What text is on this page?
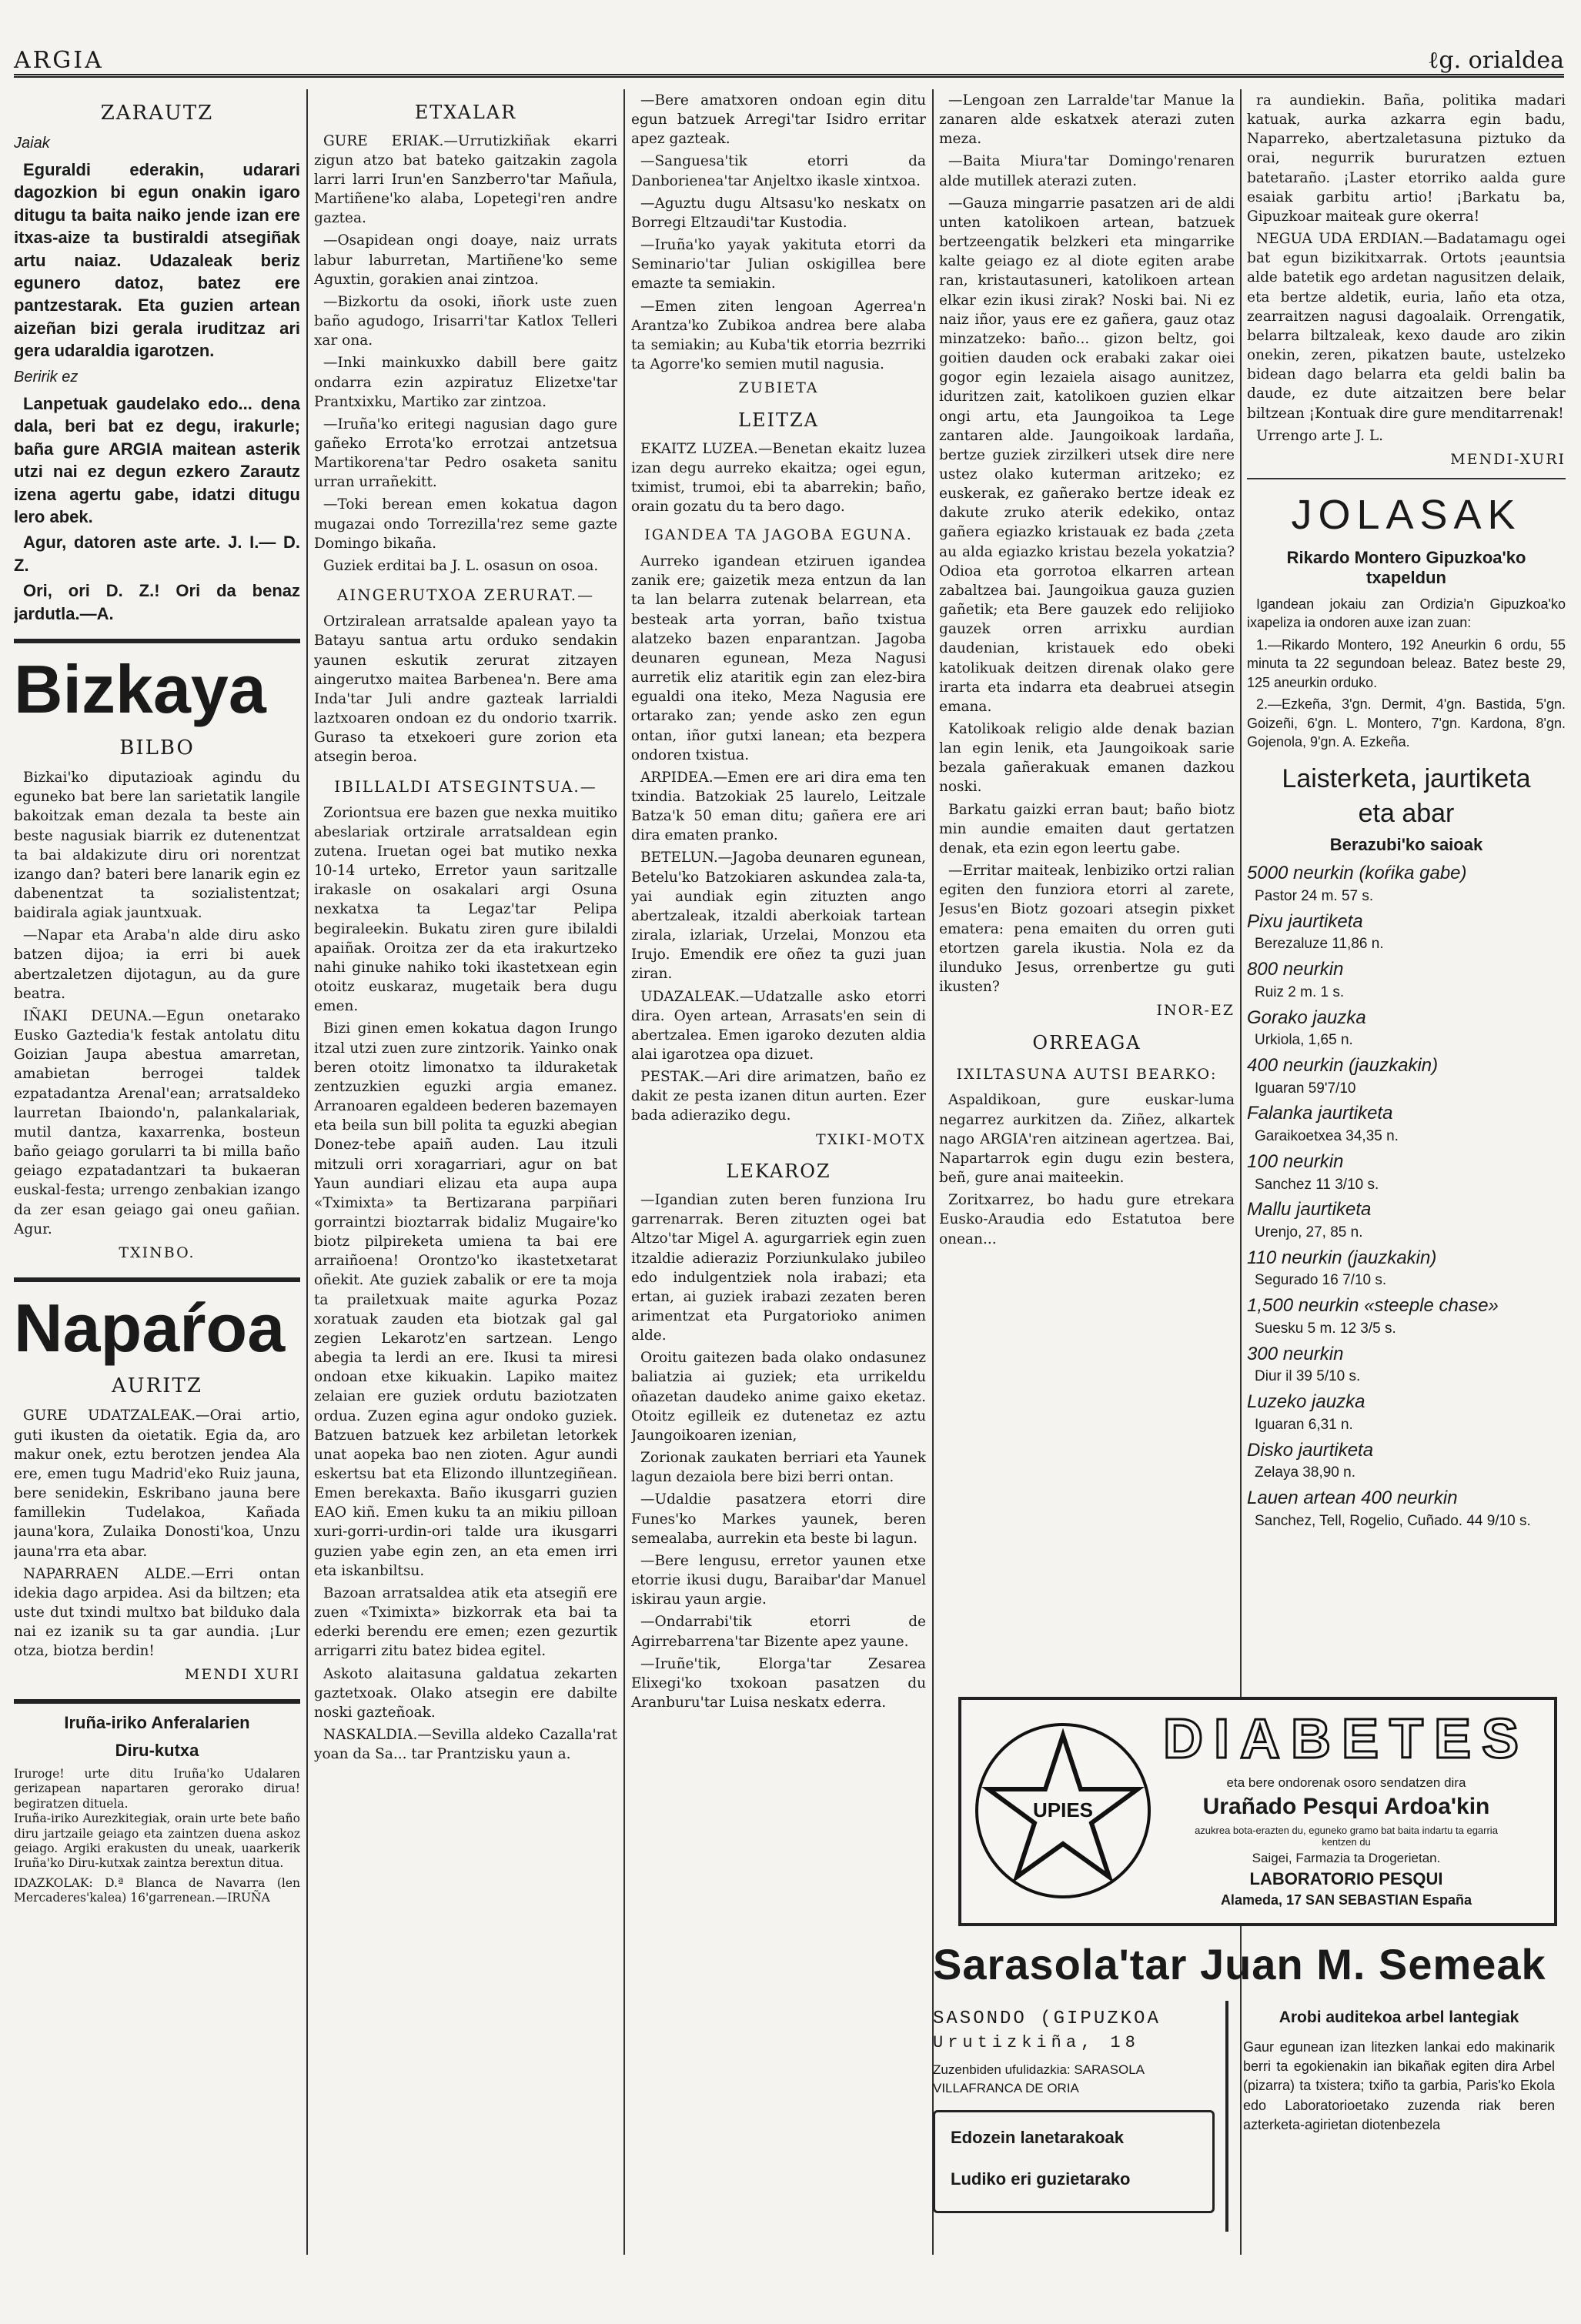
ARGIA	ℓg. orialdea
ZARAUTZ
Jaiak

Eguraldi ederakin, udarari dagozkion bi egun onakin igaro ditugu ta baita naiko jende izan ere itxas-aize ta bustiraldi atsegiñak artu naiaz. Udazaleak beriz egunero datoz, batez ere pantzestarak. Eta guzien artean aizeñan bizi gerala iruditzaz ari gera udaraldia igarotzen.

Beririk ez

Lanpetuak gaudelako edo... dena dala, beri bat ez degu, irakurle; baña gure ARGIA maitean asterik utzi nai ez degun ezkero Zarautz izena agertu gabe, idatzi ditugu lero abek.

Agur, datoren aste arte. J. I.— D. Z.

Ori, ori D. Z.! Ori da benaz jardutla.—A.

Bizkaya
BILBO

Bizkai'ko diputazioak agindu du eguneko bat bere lan sarietatik langile bakoitzak eman dezala ta beste ain beste nagusiak biarrik ez dutenentzat ta bai aldakizute diru ori norentzat izango dan? bateri bere lanarik egin ez dabenentzat ta sozialistentzat; baidirala agiak jauntxuak.

—Napar eta Araba'n alde diru asko batzen dijoa; ia erri bi auek abertzaletzen dijotagun, au da gure beatra.

IÑAKI DEUNA.—Egun onetarako Eusko Gaztedia'k festak antolatu ditu Goizian Jaupa abestua amarretan, amabietan berrogei taldek ezpatadantza Arenal'ean; arratsaldeko laurretan Ibaiondo'n, palankalariak, mutil dantza, kaxarrenka, bosteun baño geiago gorularri ta bi milla baño geiago ezpatadantzari ta bukaeran euskal-festa; urrengo zenbakian izango da zer esan geiago gai oneu gañian. Agur.

TXINBO.
Napaŕoa
AURITZ

GURE UDATZALEAK.—Orai artio, guti ikusten da oietatik. Egia da, aro makur onek, eztu berotzen jendea Ala ere, emen tugu Madrid'eko Ruiz jauna, bere senidekin, Eskribano jauna bere famillekin Tudelakoa, Kañada jauna'kora, Zulaika Donosti'koa, Unzu jauna'rra eta abar.

NAPARRAEN ALDE.—Erri ontan idekia dago arpidea. Asi da biltzen; eta uste dut txindi multxo bat bilduko dala nai ez izanik su ta gar aundia. ¡Lur otza, biotza berdin!

MENDI XURI
Iruña-iriko Anferalarien
Diru-kutxa
Iruroge! urte ditu Iruña'ko Udalaren gerizapean napartaren gerorako dirua! begiratzen dituela.
Iruña-iriko Aurezkitegiak, orain urte bete baño diru jartzaile geiago eta zaintzen duena askoz geiago. Argiki erakusten du uneak, uaarkerik Iruña'ko Diru-kutxak zaintza berextun ditua.
IDAZKOLAK: D.ª Blanca de Navarra (len Mercaderes'kalea) 16'garrenean.—IRUÑA
ETXALAR

GURE ERIAK.—Urrutizkiñak ekarri zigun atzo bat bateko gaitzakin zagola larri larri Irun'en Sanzberro'tar Mañula, Martiñene'ko alaba, Lopetegi'ren andre gaztea.

—Osapidean ongi doaye, naiz urrats labur laburretan, Martiñene'ko seme Aguxtin, gorakien anai zintzoa.

—Bizkortu da osoki, iñork uste zuen baño agudogo, Irisarri'tar Katlox Telleri xar ona.

—Inki mainkuxko dabill bere gaitz ondarra ezin azpiratuz Elizetxe'tar Prantxixku, Martiko zar zintzoa.

—Iruña'ko eritegi nagusian dago gure gañeko Errota'ko errotzai antzetsua Martikorena'tar Pedro osaketa sanitu urran urrañekitt.

—Toki berean emen kokatua dagon mugazai ondo Torrezilla'rez seme gazte Domingo bikaña.

Guziek erditai ba J. L. osasun on osoa.

AINGERUTXOA ZERURAT.—

Ortziralean arratsalde apalean yayo ta Batayu santua artu orduko sendakin yaunen eskutik zerurat zitzayen aingerutxo maitea Barbenea'n. Bere ama Inda'tar Juli andre gazteak larrialdi laztxoaren ondoan ez du ondorio txarrik. Guraso ta etxekoeri gure zorion eta atsegin beroa.

IBILLALDI ATSEGINTSUA.—

Zoriontsua ere bazen gue nexka muitiko abeslariak ortzirale arratsaldean egin zutena. Iruetan ogei bat mutiko nexka 10-14 urteko, Erretor yaun saritzalle irakasle on osakalari argi Osuna nexkatxa ta Legaz'tar Pelipa begiraleekin. Bukatu ziren gure ibilaldi apaiñak. Oroitza zer da eta irakurtzeko nahi ginuke nahiko toki ikastetxean egin otoitz euskaraz, mugetaik bera dugu emen.

Bizi ginen emen kokatua dagon Irungo itzal utzi zuen zure zintzorik. Yainko onak beren otoitz limonatxo ta ilduraketak zentzuzkien eguzki argia emanez. Arranoaren egaldeen bederen bazemayen eta beila sun bill polita ta eguzki abegian Donez-tebe apaiñ auden. Lau itzuli mitzuli orri xoragarriari, agur on bat Yaun aundiari elizau eta aupa aupa «Tximixta» ta Bertizarana parpiñari gorraintzi bioztarrak bidaliz Mugaire'ko biotz pilpireketa umiena ta bai ere arraiñoena! Orontzo'ko ikastetxetarat oñekit. Ate guziek zabalik or ere ta moja ta prailetxuak maite agurka Pozaz xoratuak zauden eta biotzak gal gal zegien Lekarotz'en sartzean. Lengo abegia ta lerdi an ere. Ikusi ta miresi ondoan etxe kikuakin. Lapiko maitez zelaian ere guziek ordutu baziotzaten ordua. Zuzen egina agur ondoko guziek. Batzuen batzuek kez arbiletan letorkek unat aopeka bao nen zioten. Agur aundi eskertsu bat eta Elizondo illuntzegiñean. Emen berekaxta. Baño ikusgarri guzien EAO kiñ. Emen kuku ta an mikiu pilloan xuri-gorri-urdin-ori talde ura ikusgarri guzien yabe egin zen, an eta emen irri eta iskanbiltsu.

Bazoan arratsaldea atik eta atsegiñ ere zuen «Tximixta» bizkorrak eta bai ta ederki berendu ere emen; ezen gezurtik arrigarri zitu batez bidea egitel.

Askoto alaitasuna galdatua zekarten gaztetxoak. Olako atsegin ere dabilte noski gazteñoak.

NASKALDIA.—Sevilla aldeko Cazalla'rat yoan da Sa... tar Prantzisku yaun a.

—Bere amatxoren ondoan egin ditu egun batzuek Arregi'tar Isidro erritar apez gazteak.

—Sanguesa'tik etorri da Danborienea'tar Anjeltxo ikasle xintxoa.

—Aguztu dugu Altsasu'ko neskatx on Borregi Eltzaudi'tar Kustodia.

—Iruña'ko yayak yakituta etorri da Seminario'tar Julian oskigillea bere emazte ta semiakin.

—Emen ziten lengoan Agerrea'n Arantza'ko Zubikoa andrea bere alaba ta semiakin; au Kuba'tik etorria bezrriki ta Agorre'ko semien mutil nagusia.

ZUBIETA
LEITZA

EKAITZ LUZEA.—Benetan ekaitz luzea izan degu aurreko ekaitza; ogei egun, tximist, trumoi, ebi ta abarrekin; baño, orain gozatu du ta bero dago.

IGANDEA TA JAGOBA EGUNA.

Aurreko igandean etziruen igandea zanik ere; gaizetik meza entzun da lan ta lan belarra zutenak belarrean, eta besteak arta yorran, baño txistua alatzeko bazen enparantzan. Jagoba deunaren egunean, Meza Nagusi aurretik eliz ataritik egin zan elez-bira egualdi ona iteko, Meza Nagusia ere ortarako zan; yende asko zen egun ontan, iñor gutxi lanean; eta bezpera ondoren txistua.

ARPIDEA.—Emen ere ari dira ema ten txindia. Batzokiak 25 laurelo, Leitzale Batza'k 50 eman ditu; gañera ere ari dira ematen pranko.

BETELUN.—Jagoba deunaren egunean, Betelu'ko Batzokiaren askundea zala-ta, yai aundiak egin zituzten ango abertzaleak, itzaldi aberkoiak tartean zirala, izlariak, Urzelai, Monzou eta Irujo. Emendik ere oñez ta guzi juan ziran.

UDAZALEAK.—Udatzalle asko etorri dira. Oyen artean, Arrasats'en sein di abertzalea. Emen igaroko dezuten aldia alai igarotzea opa dizuet.

PESTAK.—Ari dire arimatzen, baño ez dakit ze pesta izanen ditun aurten. Ezer bada adieraziko degu.

TXIKI-MOTX
LEKAROZ

—Igandian zuten beren funziona Iru garrenarrak. Beren zituzten ogei bat Altzo'tar Migel A. agurgarriek egin zuen itzaldie adieraziz Porziunkulako jubileo edo indulgentziek nola irabazi; eta ertan, ai guziek irabazi zezaten beren arimentzat eta Purgatorioko animen alde.

Oroitu gaitezen bada olako ondasunez baliatzia ai guziek; eta urrikeldu oñazetan daudeko anime gaixo eketaz. Otoitz egilleik ez dutenetaz ez aztu Jaungoikoaren izenian,

Zorionak zaukaten berriari eta Yaunek lagun dezaiola bere bizi berri ontan.

—Udaldie pasatzera etorri dire Funes'ko Markes yaunek, beren semealaba, aurrekin eta beste bi lagun.

—Bere lengusu, erretor yaunen etxe etorrie ikusi dugu, Baraibar'dar Manuel iskirau yaun argie.

—Ondarrabi'tik etorri de Agirrebarrena'tar Bizente apez yaune.

—Iruñe'tik, Elorga'tar Zesarea Elixegi'ko txokoan pasatzen du Aranburu'tar Luisa neskatx ederra.

—Lengoan zen Larralde'tar Manue la zanaren alde eskatxek aterazi zuten meza.

—Baita Miura'tar Domingo'renaren alde mutillek aterazi zuten.

—Gauza mingarrie pasatzen ari de aldi unten katolikoen artean, batzuek bertzeengatik belzkeri eta mingarrike kalte geiago ez al diote egiten arabe ran, kristautasuneri, katolikoen artean elkar ezin ikusi zirak? Noski bai. Ni ez naiz iñor, yaus ere ez gañera, gauz otaz minzatzeko: baño... gizon beltz, goi goitien dauden ock erabaki zakar oiei gogor egin lezaiela aisago aunitzez, iduritzen zait, katolikoen guzien elkar ongi artu, eta Jaungoikoa ta Lege zantaren alde. Jaungoikoak lardaña, bertze guziek zirzilkeri utsek dire nere ustez olako kuterman aritzeko; ez euskerak, ez gañerako bertze ideak ez dakute zruko aterik edekiko, ontaz gañera egiazko kristauak ez bada ¿zeta au alda egiazko kristau bezela yokatzia? Odioa eta gorrotoa elkarren artean zabaltzea bai. Jaungoikua gauza guzien gañetik; eta Bere gauzek edo relijioko gauzek orren arrixku aurdian daudenian, kristauek edo obeki katolikuak deitzen direnak olako gere irarta eta indarra eta deabruei atsegin emana.

Katolikoak religio alde denak bazian lan egin lenik, eta Jaungoikoak sarie bezala gañerakuak emanen dazkou noski.

Barkatu gaizki erran baut; baño biotz min aundie emaiten daut gertatzen denak, eta ezin egon leertu gabe.

—Erritar maiteak, lenbiziko ortzi ralian egiten den funziora etorri al zarete, Jesus'en Biotz gozoari atsegin pixket ematera: pena emaiten du orren guti etortzen garela ikustia. Nola ez da ilunduko Jesus, orrenbertze gu guti ikusten?

INOR-EZ
ORREAGA
IXILTASUNA AUTSI BEARKO:

Aspaldikoan, gure euskar-luma negarrez aurkitzen da. Ziñez, alkartek nago ARGIA'ren aitzinean agertzea. Bai, Napartarrok egin dugu ezin bestera, beñ, gure anai maiteekin.

Zoritxarrez, bo hadu gure etrekara Eusko-Araudia edo Estatutoa bere onean...

ra aundiekin. Baña, politika madari katuak, aurka azkarra egin badu, Naparreko, abertzaletasuna piztuko da orai, negurrik bururatzen eztuen batetaraño. ¡Laster etorriko aalda gure esaiak garbitu artio! ¡Barkatu ba, Gipuzkoar maiteak gure okerra!

NEGUA UDA ERDIAN.—Badatamagu ogei bat egun bizikitxarrak. Ortots ¡eauntsia alde batetik ego ardetan nagusitzen delaik, eta bertze aldetik, euria, laño eta otza, zearraitzen nagusi dagoalaik. Orrengatik, belarra biltzaleak, kexo daude aro zikin onekin, zeren, pikatzen baute, ustelzeko bidean dago belarra eta geldi balin ba daude, ez dute aitzaitzen bere belar biltzean ¡Kontuak dire gure menditarrenak!

Urrengo arte J. L.

MENDI-XURI
JOLASAK
Rikardo Montero Gipuzkoa'ko txapeldun

Igandean jokaiu zan Ordizia'n Gipuzkoa'ko ixapeliza ia ondoren auxe izan zuan:

1.—Rikardo Montero, 192 Aneurkin 6 ordu, 55 minuta ta 22 segundoan beleaz. Batez beste 29, 125 aneurkin orduko.

2.—Ezkeña, 3'gn. Dermit, 4'gn. Bastida, 5'gn. Goizeñi, 6'gn. L. Montero, 7'gn. Kardona, 8'gn. Gojenola, 9'gn. A. Ezkeña.

Laisterketa, jaurtiketa
eta abar
Berazubi'ko saioak
5000 neurkin (koŕika gabe)
Pastor 24 m. 57 s.
Pixu jaurtiketa
Berezaluze 11,86 n.
800 neurkin
Ruiz 2 m. 1 s.
Gorako jauzka
Urkiola, 1,65 n.
400 neurkin (jauzkakin)
Iguaran 59'7/10
Falanka jaurtiketa
Garaikoetxea 34,35 n.
100 neurkin
Sanchez 11 3/10 s.
Mallu jaurtiketa
Urenjo, 27, 85 n.
110 neurkin (jauzkakin)
Segurado 16 7/10 s.
1,500 neurkin «steeple chase»
Suesku 5 m. 12 3/5 s.
300 neurkin
Diur il 39 5/10 s.
Luzeko jauzka
Iguaran 6,31 n.
Disko jaurtiketa
Zelaya 38,90 n.
Lauen artean 400 neurkin
Sanchez, Tell, Rogelio, Cuñado. 44 9/10 s.
UPIES
DIABETES
eta bere ondorenak osoro sendatzen dira
Urañado Pesqui Ardoa'kin
azukrea bota-erazten du, eguneko gramo bat baita indartu ta egarria kentzen du
Saigei, Farmazia ta Drogerietan.
LABORATORIO PESQUI
Alameda, 17 SAN SEBASTIAN España
Sarasola'tar Juan M. Semeak
SASONDO (GIPUZKOA
Urutizkiña, 18
Zuzenbiden ufulidazkia: SARASOLA
VILLAFRANCA DE ORIA
Edozein lanetarakoak
Ludiko eri guzietarako
Arobi auditekoa arbel lantegiak
Gaur egunean izan litezken lankai edo makinarik berri ta egokienakin ian bikañak egiten dira Arbel (pizarra) ta txistera; txiño ta garbia, Paris'ko Ekola edo Laboratorioetako zuzenda riak beren azterketa-agirietan diotenbezela
